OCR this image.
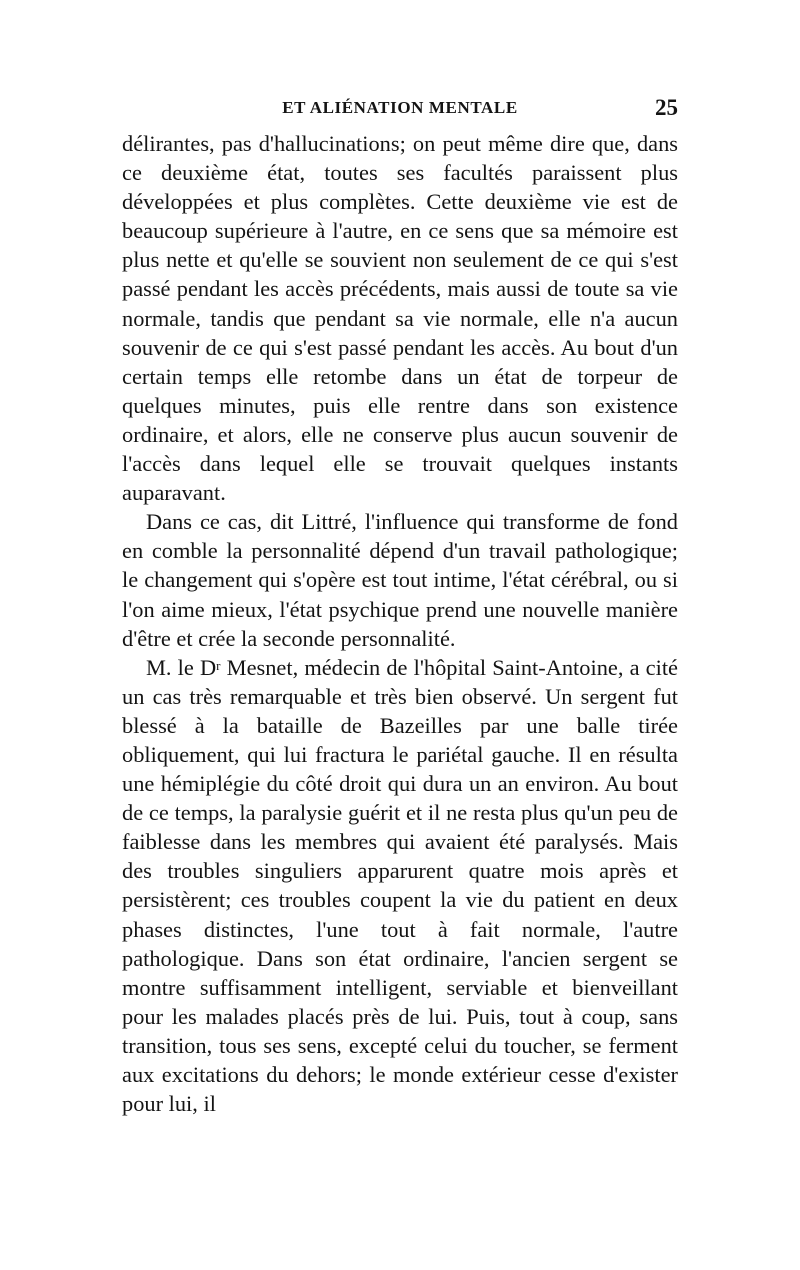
ET ALIÉNATION MENTALE	25

délirantes, pas d'hallucinations; on peut même dire que, dans ce deuxième état, toutes ses facultés paraissent plus développées et plus complètes. Cette deuxième vie est de beaucoup supérieure à l'autre, en ce sens que sa mémoire est plus nette et qu'elle se souvient non seulement de ce qui s'est passé pendant les accès précédents, mais aussi de toute sa vie normale, tandis que pendant sa vie normale, elle n'a aucun souvenir de ce qui s'est passé pendant les accès. Au bout d'un certain temps elle retombe dans un état de torpeur de quelques minutes, puis elle rentre dans son existence ordinaire, et alors, elle ne conserve plus aucun souvenir de l'accès dans lequel elle se trouvait quelques instants auparavant.

Dans ce cas, dit Littré, l'influence qui transforme de fond en comble la personnalité dépend d'un travail pathologique; le changement qui s'opère est tout intime, l'état cérébral, ou si l'on aime mieux, l'état psychique prend une nouvelle manière d'être et crée la seconde personnalité.

M. le $D^r$ Mesnet, médecin de l'hôpital Saint-Antoine, a cité un cas très remarquable et très bien observé. Un sergent fut blessé à la bataille de Bazeilles par une balle tirée obliquement, qui lui fractura le pariétal gauche. Il en résulta une hémiplégie du côté droit qui dura un an environ. Au bout de ce temps, la paralysie guérit et il ne resta plus qu'un peu de faiblesse dans les membres qui avaient été paralysés. Mais des troubles singuliers apparurent quatre mois après et persistèrent; ces troubles coupent la vie du patient en deux phases distinctes, l'une tout à fait normale, l'autre pathologique. Dans son état ordinaire, l'ancien sergent se montre suffisamment intelligent, serviable et bienveillant pour les malades placés près de lui. Puis, tout à coup, sans transition, tous ses sens, excepté celui du toucher, se ferment aux excitations du dehors; le monde extérieur cesse d'exister pour lui, il
